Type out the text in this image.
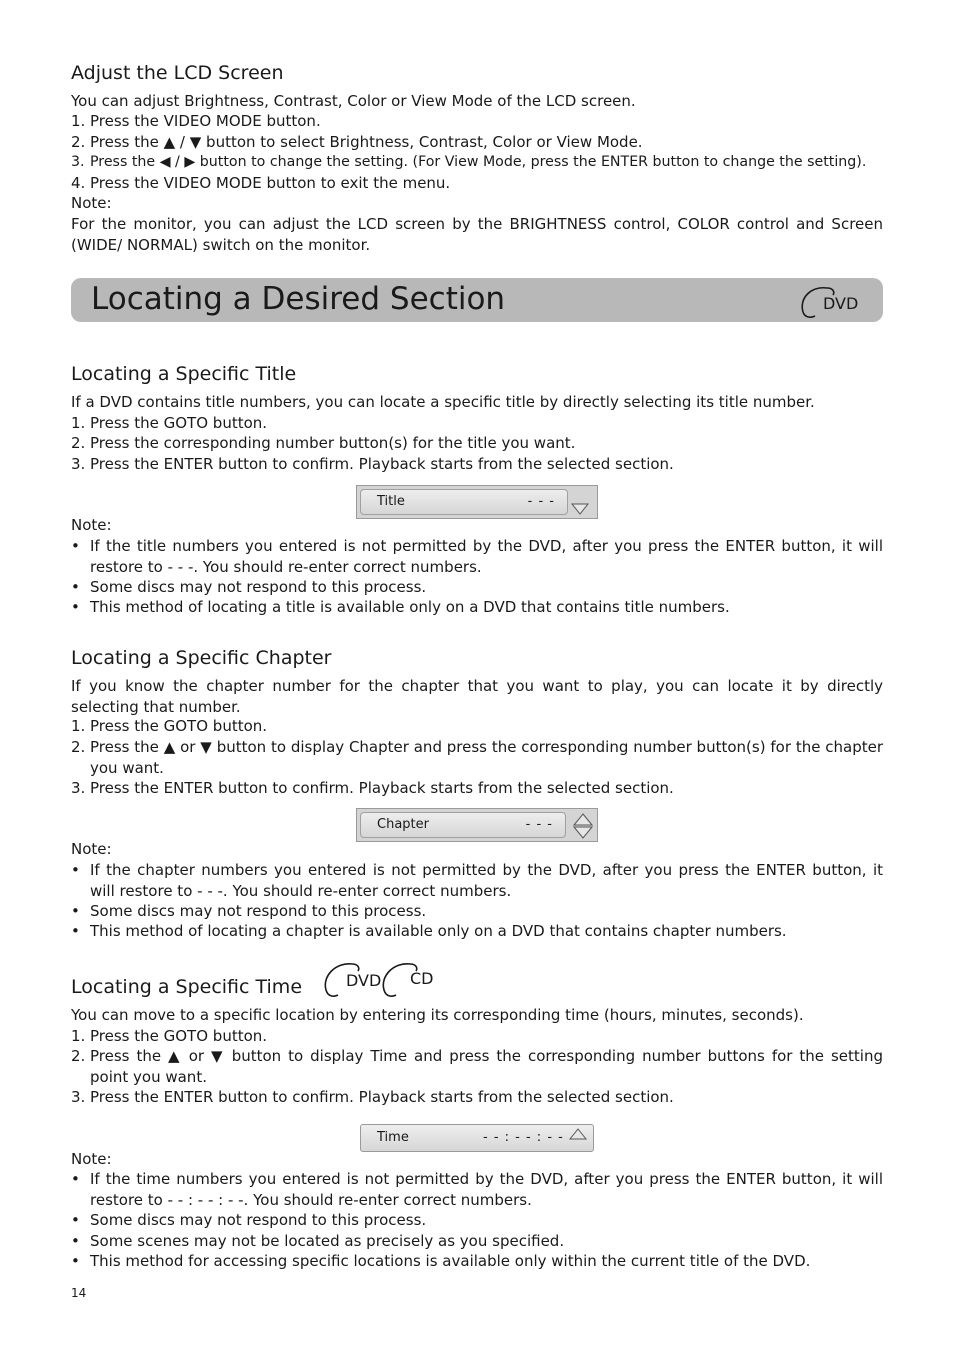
Adjust the LCD Screen

You can adjust Brightness, Contrast, Color or View Mode of the LCD screen.

1. Press the VIDEO MODE button.
2. Press the ▲ / ▼ button to select Brightness, Contrast, Color or View Mode.
3. Press the ◀ / ▶ button to change the setting. (For View Mode, press the ENTER button to change the setting).
4. Press the VIDEO MODE button to exit the menu.

Note:

For the monitor, you can adjust the LCD screen by the BRIGHTNESS control, COLOR control and Screen (WIDE/ NORMAL) switch on the monitor.

Locating a Desired Section	DVD
Locating a Specific Title

If a DVD contains title numbers, you can locate a specific title by directly selecting its title number.

1. Press the GOTO button.
2. Press the corresponding number button(s) for the title you want.
3. Press the ENTER button to confirm. Playback starts from the selected section.

Note:

• If the title numbers you entered is not permitted by the DVD, after you press the ENTER button, it will restore to - - -. You should re-enter correct numbers.
• Some discs may not respond to this process.
• This method of locating a title is available only on a DVD that contains title numbers.
Title	- - -
Locating a Specific Chapter

If you know the chapter number for the chapter that you want to play, you can locate it by directly selecting that number.

1. Press the GOTO button.
2. Press the ▲ or ▼ button to display Chapter and press the corresponding number button(s) for the chapter you want.
3. Press the ENTER button to confirm. Playback starts from the selected section.

Note:

• If the chapter numbers you entered is not permitted by the DVD, after you press the ENTER button, it will restore to - - -. You should re-enter correct numbers.
• Some discs may not respond to this process.
• This method of locating a chapter is available only on a DVD that contains chapter numbers.
Chapter	- - -
Locating a Specific Time

You can move to a specific location by entering its corresponding time (hours, minutes, seconds).

1. Press the GOTO button.
2. Press the ▲ or ▼ button to display Time and press the corresponding number buttons for the setting point you want.
3. Press the ENTER button to confirm. Playback starts from the selected section.

Note:

• If the time numbers you entered is not permitted by the DVD, after you press the ENTER button, it will restore to - - : - - : - -. You should re-enter correct numbers.
• Some discs may not respond to this process.
• Some scenes may not be located as precisely as you specified.
• This method for accessing specific locations is available only within the current title of the DVD.
DVD CD
Time	- - : - - : - -
14
